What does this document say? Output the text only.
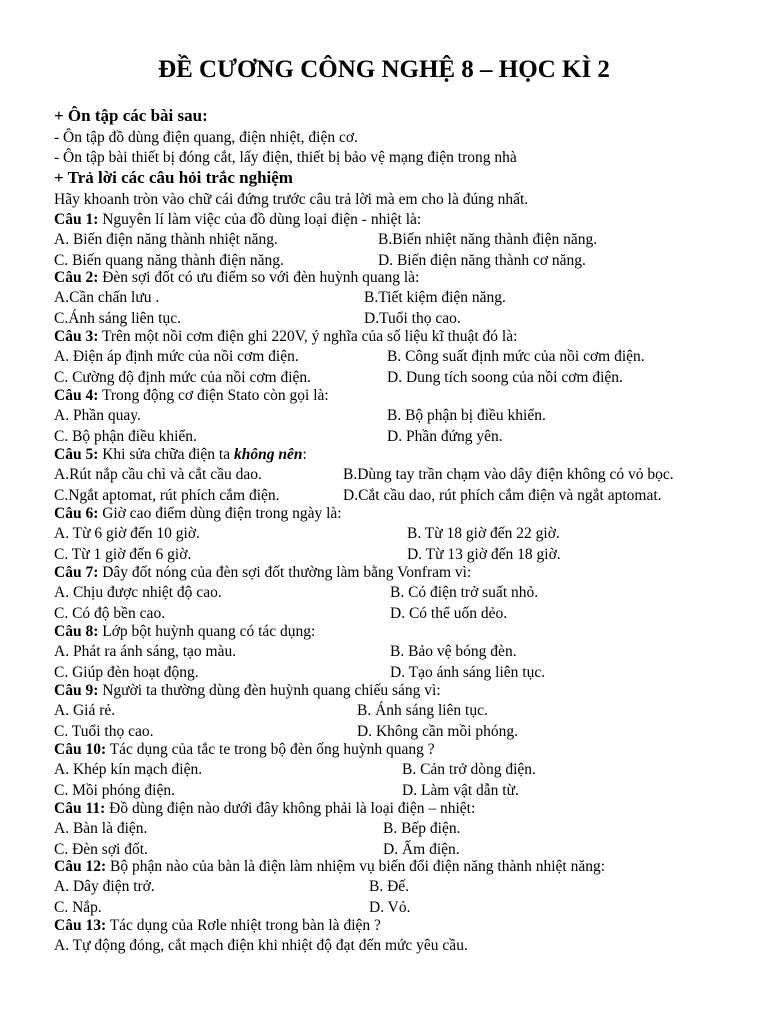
ĐỀ CƯƠNG CÔNG NGHỆ 8 – HỌC KÌ 2
+ Ôn tập các bài sau:
- Ôn tập đồ dùng điện quang, điện nhiệt, điện cơ.
- Ôn tập bài thiết bị đóng cắt, lấy điện, thiết bị bảo vệ mạng điện trong nhà
+ Trả lời các câu hỏi trắc nghiệm
Hãy khoanh tròn vào chữ cái đứng trước câu trả lời mà em cho là đúng nhất.
Câu 1: Nguyên lí làm việc của đồ dùng loại điện - nhiệt là:
A. Biến điện năng thành nhiệt năng.	B.Biến nhiệt năng thành điện năng.
C. Biến quang năng thành điện năng.	D. Biến điện năng thành cơ năng.
Câu 2: Đèn sợi đốt có ưu điểm so với đèn huỳnh quang là:
A.Cần chấn lưu .	B.Tiết kiệm điện năng.
C.Ánh sáng liên tục.	D.Tuổi thọ cao.
Câu 3: Trên một nồi cơm điện ghi 220V, ý nghĩa của số liệu kĩ thuật đó là:
A. Điện áp định mức của nồi cơm điện.	B. Công suất định mức của nồi cơm điện.
C. Cường độ định mức của nồi cơm điện.	D. Dung tích soong của nồi cơm điện.
Câu 4: Trong động cơ điện Stato còn gọi là:
A. Phần quay.	B. Bộ phận bị điều khiển.
C. Bộ phận điều khiển.	D. Phần đứng yên.
Câu 5: Khi sửa chữa điện ta không nên:
A.Rút nắp cầu chì và cắt cầu dao.	B.Dùng tay trần chạm vào dây điện không có vỏ bọc.
C.Ngắt aptomat, rút phích cắm điện.	D.Cắt cầu dao, rút phích cắm điện và ngắt aptomat.
Câu 6: Giờ cao điểm dùng điện trong ngày là:
A. Từ 6 giờ đến 10 giờ.	B. Từ 18 giờ đến 22 giờ.
C. Từ 1 giờ đến 6 giờ.	D. Từ 13 giờ đến 18 giờ.
Câu 7: Dây đốt nóng của đèn sợi đốt thường làm bằng Vonfram vì:
A. Chịu được nhiệt độ cao.	B. Có điện trở suất nhỏ.
C. Có độ bền cao.	D. Có thể uốn dẻo.
Câu 8: Lớp bột huỳnh quang có tác dụng:
A. Phát ra ánh sáng, tạo màu.	B. Bảo vệ bóng đèn.
C. Giúp đèn hoạt động.	D. Tạo ánh sáng liên tục.
Câu 9: Người ta thường dùng đèn huỳnh quang chiếu sáng vì:
A. Giá rẻ.	B. Ánh sáng liên tục.
C. Tuổi thọ cao.	D. Không cần mồi phóng.
Câu 10: Tác dụng của tắc te trong bộ đèn ống huỳnh quang ?
A. Khép kín mạch điện.	B. Cản trở dòng điện.
C. Mồi phóng điện.	D. Làm vật dẫn từ.
Câu 11: Đồ dùng điện nào dưới đây không phải là loại điện – nhiệt:
A. Bàn là điện.	B. Bếp điện.
C. Đèn sợi đốt.	D. Ấm điện.
Câu 12: Bộ phận nào của bàn là điện làm nhiệm vụ biến đổi điện năng thành nhiệt năng:
A. Dây điện trở.	B. Đế.
C. Nắp.	D. Vỏ.
Câu 13: Tác dụng của Rơle nhiệt trong bàn là điện ?
A. Tự động đóng, cắt mạch điện khi nhiệt độ đạt đến mức yêu cầu.
